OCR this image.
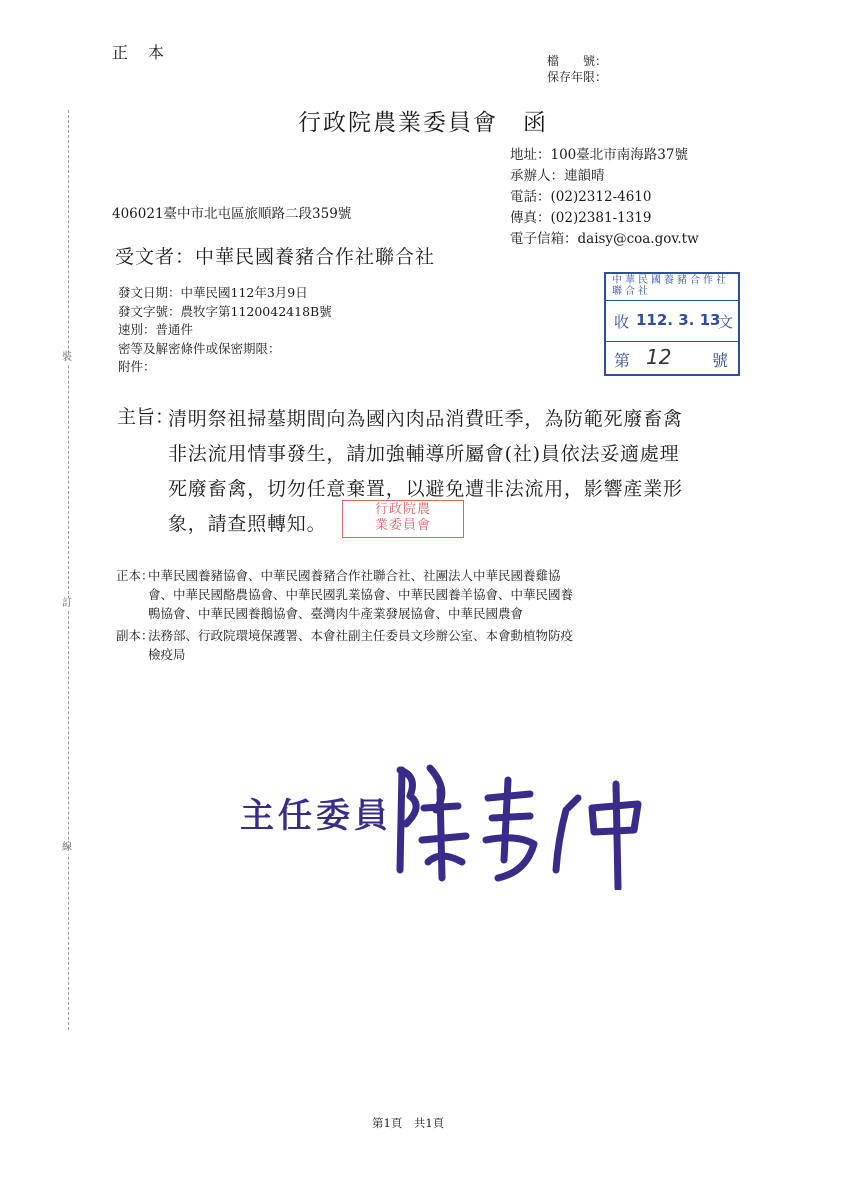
裝
訂
線
正　本	檔　　號：
保存年限：
行政院農業委員會　函
地址：100臺北市南海路37號
承辦人：連韻晴
電話：(02)2312-4610
傳真：(02)2381-1319
電子信箱：daisy@coa.gov.tw
406021臺中市北屯區旅順路二段359號
受文者：中華民國養豬合作社聯合社
發文日期：中華民國112年3月9日
發文字號：農牧字第1120042418B號
速別：普通件
密等及解密條件或保密期限：
附件：
中華民國養豬合作社聯合社
收 112. 3. 13
文
第 12	號
主旨：
清明祭祖掃墓期間向為國內肉品消費旺季，為防範死廢畜禽
非法流用情事發生，請加強輔導所屬會(社)員依法妥適處理
死廢畜禽，切勿任意棄置，以避免遭非法流用，影響產業形
象，請查照轉知。
行政院農業委員會
正本：
中華民國養豬協會、中華民國養豬合作社聯合社、社團法人中華民國養雞協
會、中華民國酪農協會、中華民國乳業協會、中華民國養羊協會、中華民國養
鴨協會、中華民國養鵝協會、臺灣肉牛產業發展協會、中華民國農會
副本：
法務部、行政院環境保護署、本會社副主任委員文珍辦公室、本會動植物防疫
檢疫局
主任委員
第1頁　共1頁
